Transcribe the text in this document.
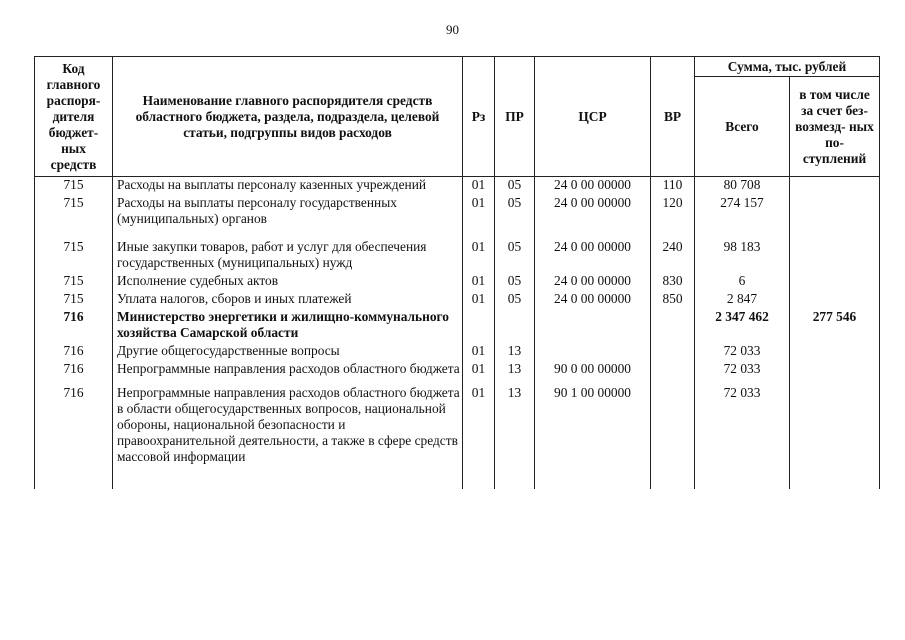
90
Код главного распоря- дителя бюджет- ных средств	Наименование главного распорядителя средств областного бюджета, раздела, подраздела, целевой статьи, подгруппы видов расходов	Рз	ПР	ЦСР	ВР	Сумма, тыс. рублей	
						Всего	в том числе за счет без- возмезд- ных по- ступлений
715	Расходы на выплаты персоналу казенных учреждений	01	05	24 0 00 00000	110	80 708	
715	Расходы на выплаты персоналу государственных (муниципальных) органов	01	05	24 0 00 00000	120	274 157	
715	Иные закупки товаров, работ и услуг для обеспечения государственных (муниципальных) нужд	01	05	24 0 00 00000	240	98 183	
715	Исполнение судебных актов	01	05	24 0 00 00000	830	6	
715	Уплата налогов, сборов и иных платежей	01	05	24 0 00 00000	850	2 847	
716	Министерство энергетики и жилищно-коммунального хозяйства Самарской области					2 347 462	277 546
716	Другие общегосударственные вопросы	01	13			72 033	
716	Непрограммные направления расходов областного бюджета	01	13	90 0 00 00000		72 033	
716	Непрограммные направления расходов областного бюджета в области общегосударственных вопросов, национальной обороны, национальной безопасности и правоохранительной деятельности, а также в сфере средств массовой информации	01	13	90 1 00 00000		72 033	
